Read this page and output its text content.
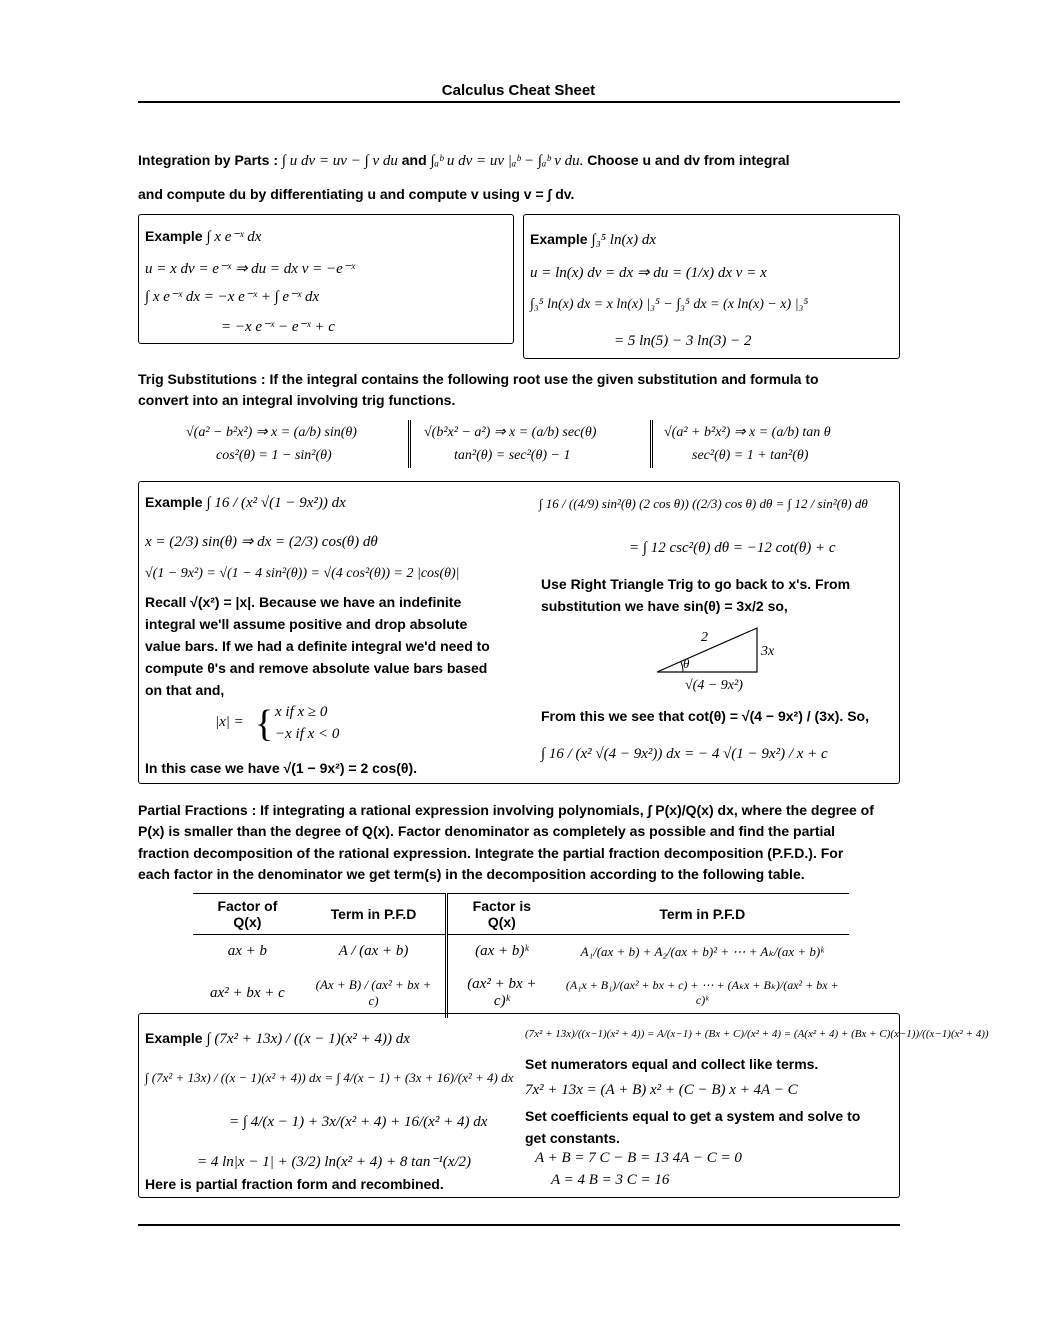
Calculus Cheat Sheet
Integration by Parts : ∫ u dv = uv − ∫ v du and ∫ₐᵇ u dv = uv |ₐᵇ − ∫ₐᵇ v du. Choose u and dv from integral
and compute du by differentiating u and compute v using v = ∫ dv.
Example ∫ x e⁻ˣ dx
u = x dv = e⁻ˣ ⇒ du = dx v = −e⁻ˣ
∫ x e⁻ˣ dx = −x e⁻ˣ + ∫ e⁻ˣ dx
= −x e⁻ˣ − e⁻ˣ + c
Example ∫₃⁵ ln(x) dx
u = ln(x) dv = dx ⇒ du = (1/x) dx v = x
∫₃⁵ ln(x) dx = x ln(x) |₃⁵ − ∫₃⁵ dx = (x ln(x) − x) |₃⁵
= 5 ln(5) − 3 ln(3) − 2
Trig Substitutions : If the integral contains the following root use the given substitution and formula to
convert into an integral involving trig functions.
√(a² − b²x²) ⇒ x = (a/b) sin(θ)
cos²(θ) = 1 − sin²(θ)
√(b²x² − a²) ⇒ x = (a/b) sec(θ)
tan²(θ) = sec²(θ) − 1
√(a² + b²x²) ⇒ x = (a/b) tan θ
sec²(θ) = 1 + tan²(θ)
Example ∫ 16 / (x² √(1 − 9x²)) dx
x = (2/3) sin(θ) ⇒ dx = (2/3) cos(θ) dθ
√(1 − 9x²) = √(1 − 4 sin²(θ)) = √(4 cos²(θ)) = 2 |cos(θ)|
Recall √(x²) = |x|. Because we have an indefinite
integral we'll assume positive and drop absolute
value bars. If we had a definite integral we'd need to
compute θ's and remove absolute value bars based
on that and,
|x| = { x if x ≥ 0
−x if x < 0
In this case we have √(1 − 9x²) = 2 cos(θ).
∫ 16 / ((4/9) sin²(θ) (2 cos θ)) ((2/3) cos θ) dθ = ∫ 12 / sin²(θ) dθ
= ∫ 12 csc²(θ) dθ = −12 cot(θ) + c
Use Right Triangle Trig to go back to x's. From
substitution we have sin(θ) = 3x/2 so,
2
3x
θ
√(4 − 9x²)
From this we see that cot(θ) = √(4 − 9x²) / (3x). So,
∫ 16 / (x² √(4 − 9x²)) dx = − 4 √(1 − 9x²) / x + c
Partial Fractions : If integrating a rational expression involving polynomials, ∫ P(x)/Q(x) dx, where the degree of
P(x) is smaller than the degree of Q(x). Factor denominator as completely as possible and find the partial
fraction decomposition of the rational expression. Integrate the partial fraction decomposition (P.F.D.). For
each factor in the denominator we get term(s) in the decomposition according to the following table.
Factor of Q(x)	Term in P.F.D	Factor is Q(x)	Term in P.F.D
ax + b	A / (ax + b)	(ax + b)ᵏ	A₁/(ax + b) + A₂/(ax + b)² + ⋯ + Aₖ/(ax + b)ᵏ
ax² + bx + c	(Ax + B) / (ax² + bx + c)	(ax² + bx + c)ᵏ	(A₁x + B₁)/(ax² + bx + c) + ⋯ + (Aₖx + Bₖ)/(ax² + bx + c)ᵏ
Example ∫ (7x² + 13x) / ((x − 1)(x² + 4)) dx
∫ (7x² + 13x) / ((x − 1)(x² + 4)) dx = ∫ 4/(x − 1) + (3x + 16)/(x² + 4) dx
= ∫ 4/(x − 1) + 3x/(x² + 4) + 16/(x² + 4) dx
= 4 ln|x − 1| + (3/2) ln(x² + 4) + 8 tan⁻¹(x/2)
Here is partial fraction form and recombined.
(7x² + 13x)/((x−1)(x² + 4)) = A/(x−1) + (Bx + C)/(x² + 4) = (A(x² + 4) + (Bx + C)(x−1))/((x−1)(x² + 4))
Set numerators equal and collect like terms.
7x² + 13x = (A + B) x² + (C − B) x + 4A − C
Set coefficients equal to get a system and solve to
get constants.
A + B = 7 C − B = 13 4A − C = 0
A = 4 B = 3 C = 16
